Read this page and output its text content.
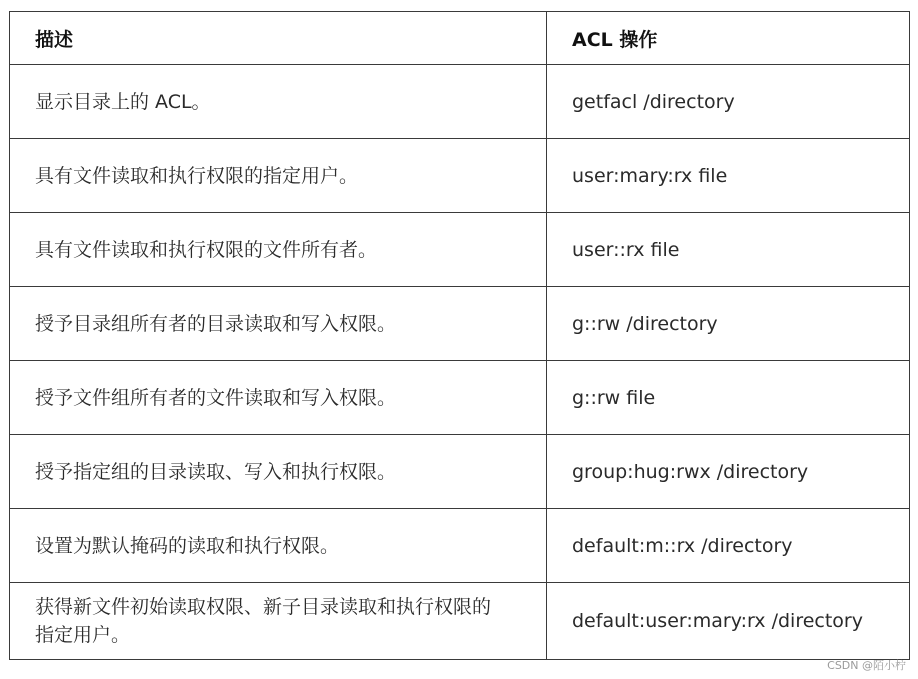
描述	ACL 操作

显示目录上的 ACL。	getfacl /directory

具有文件读取和执行权限的指定用户。	user:mary:rx file

具有文件读取和执行权限的文件所有者。	user::rx file

授予目录组所有者的目录读取和写入权限。	g::rw /directory

授予文件组所有者的文件读取和写入权限。	g::rw file

授予指定组的目录读取、写入和执行权限。	group:hug:rwx /directory

设置为默认掩码的读取和执行权限。	default:m::rx /directory

获得新文件初始读取权限、新子目录读取和执行权限的指定用户。	default:user:mary:rx /directory
CSDN @陌小柠
